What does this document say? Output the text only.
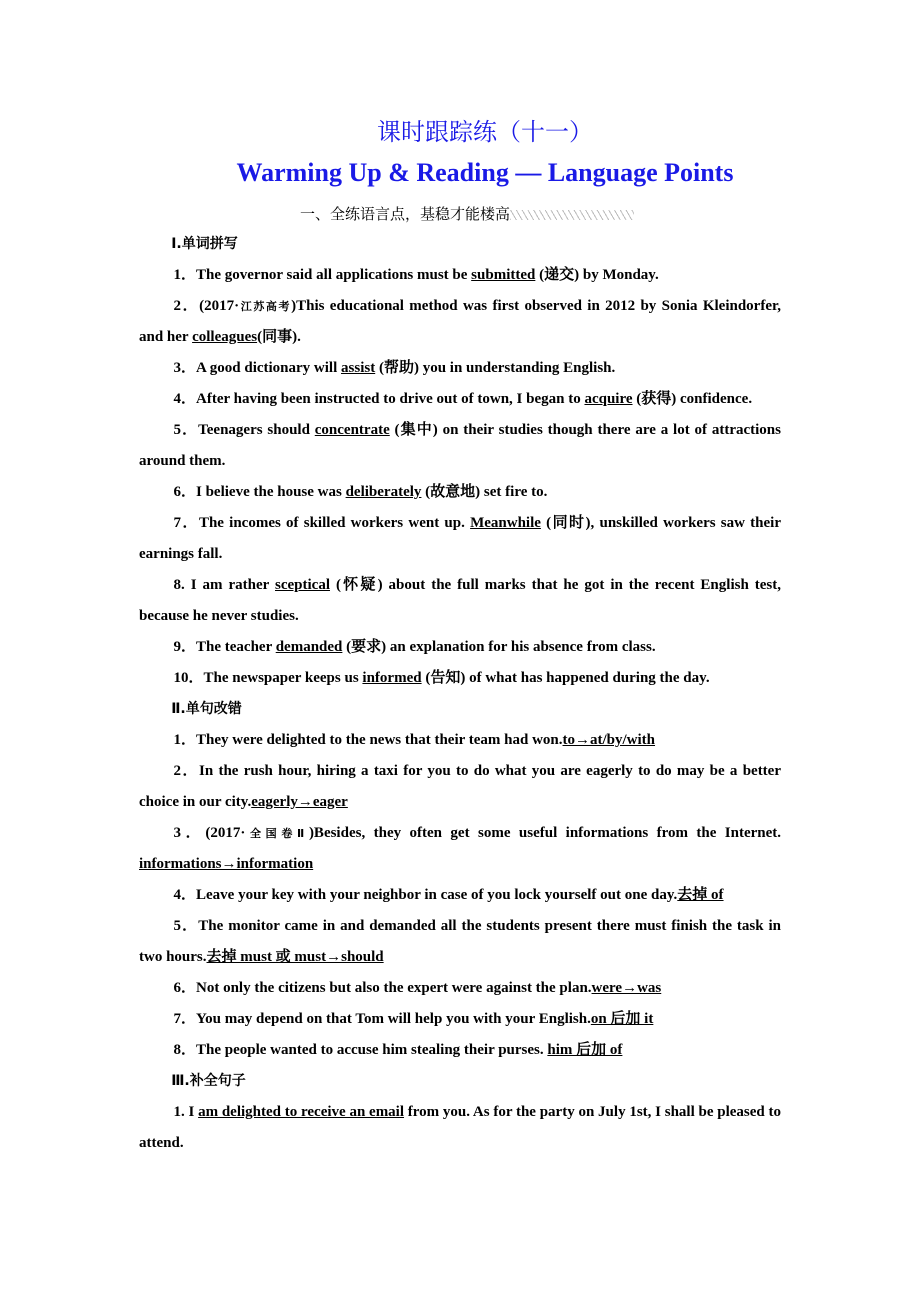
课时跟踪练（十一）
Warming Up & Reading — Language Points
一、全练语言点，基稳才能楼高

Ⅰ.单词拼写

1．The governor said all applications must be submitted (递交) by Monday.

2．(2017·江苏高考)This educational method was first observed in 2012 by Sonia Kleindorfer, and her colleagues(同事).

3．A good dictionary will assist (帮助) you in understanding English.

4．After having been instructed to drive out of town, I began to acquire (获得) confidence.

5．Teenagers should concentrate (集中) on their studies though there are a lot of attractions around them.

6．I believe the house was deliberately (故意地) set fire to.

7．The incomes of skilled workers went up. Meanwhile (同时), unskilled workers saw their earnings fall.

8. I am rather sceptical (怀疑) about the full marks that he got in the recent English test, because he never studies.

9．The teacher demanded (要求) an explanation for his absence from class.

10．The newspaper keeps us informed (告知) of what has happened during the day.

Ⅱ.单句改错

1．They were delighted to the news that their team had won.to→at/by/with

2．In the rush hour, hiring a taxi for you to do what you are eagerly to do may be a better choice in our city.eagerly→eager

3．(2017·全国卷Ⅱ)Besides, they often get some useful informations from the Internet. informations→information

4．Leave your key with your neighbor in case of you lock yourself out one day.去掉 of

5．The monitor came in and demanded all the students present there must finish the task in two hours.去掉 must 或 must→should

6．Not only the citizens but also the expert were against the plan.were→was

7．You may depend on that Tom will help you with your English.on 后加 it

8．The people wanted to accuse him stealing their purses. him 后加 of

Ⅲ.补全句子

1. I am delighted to receive an email from you. As for the party on July 1st, I shall be pleased to attend.
